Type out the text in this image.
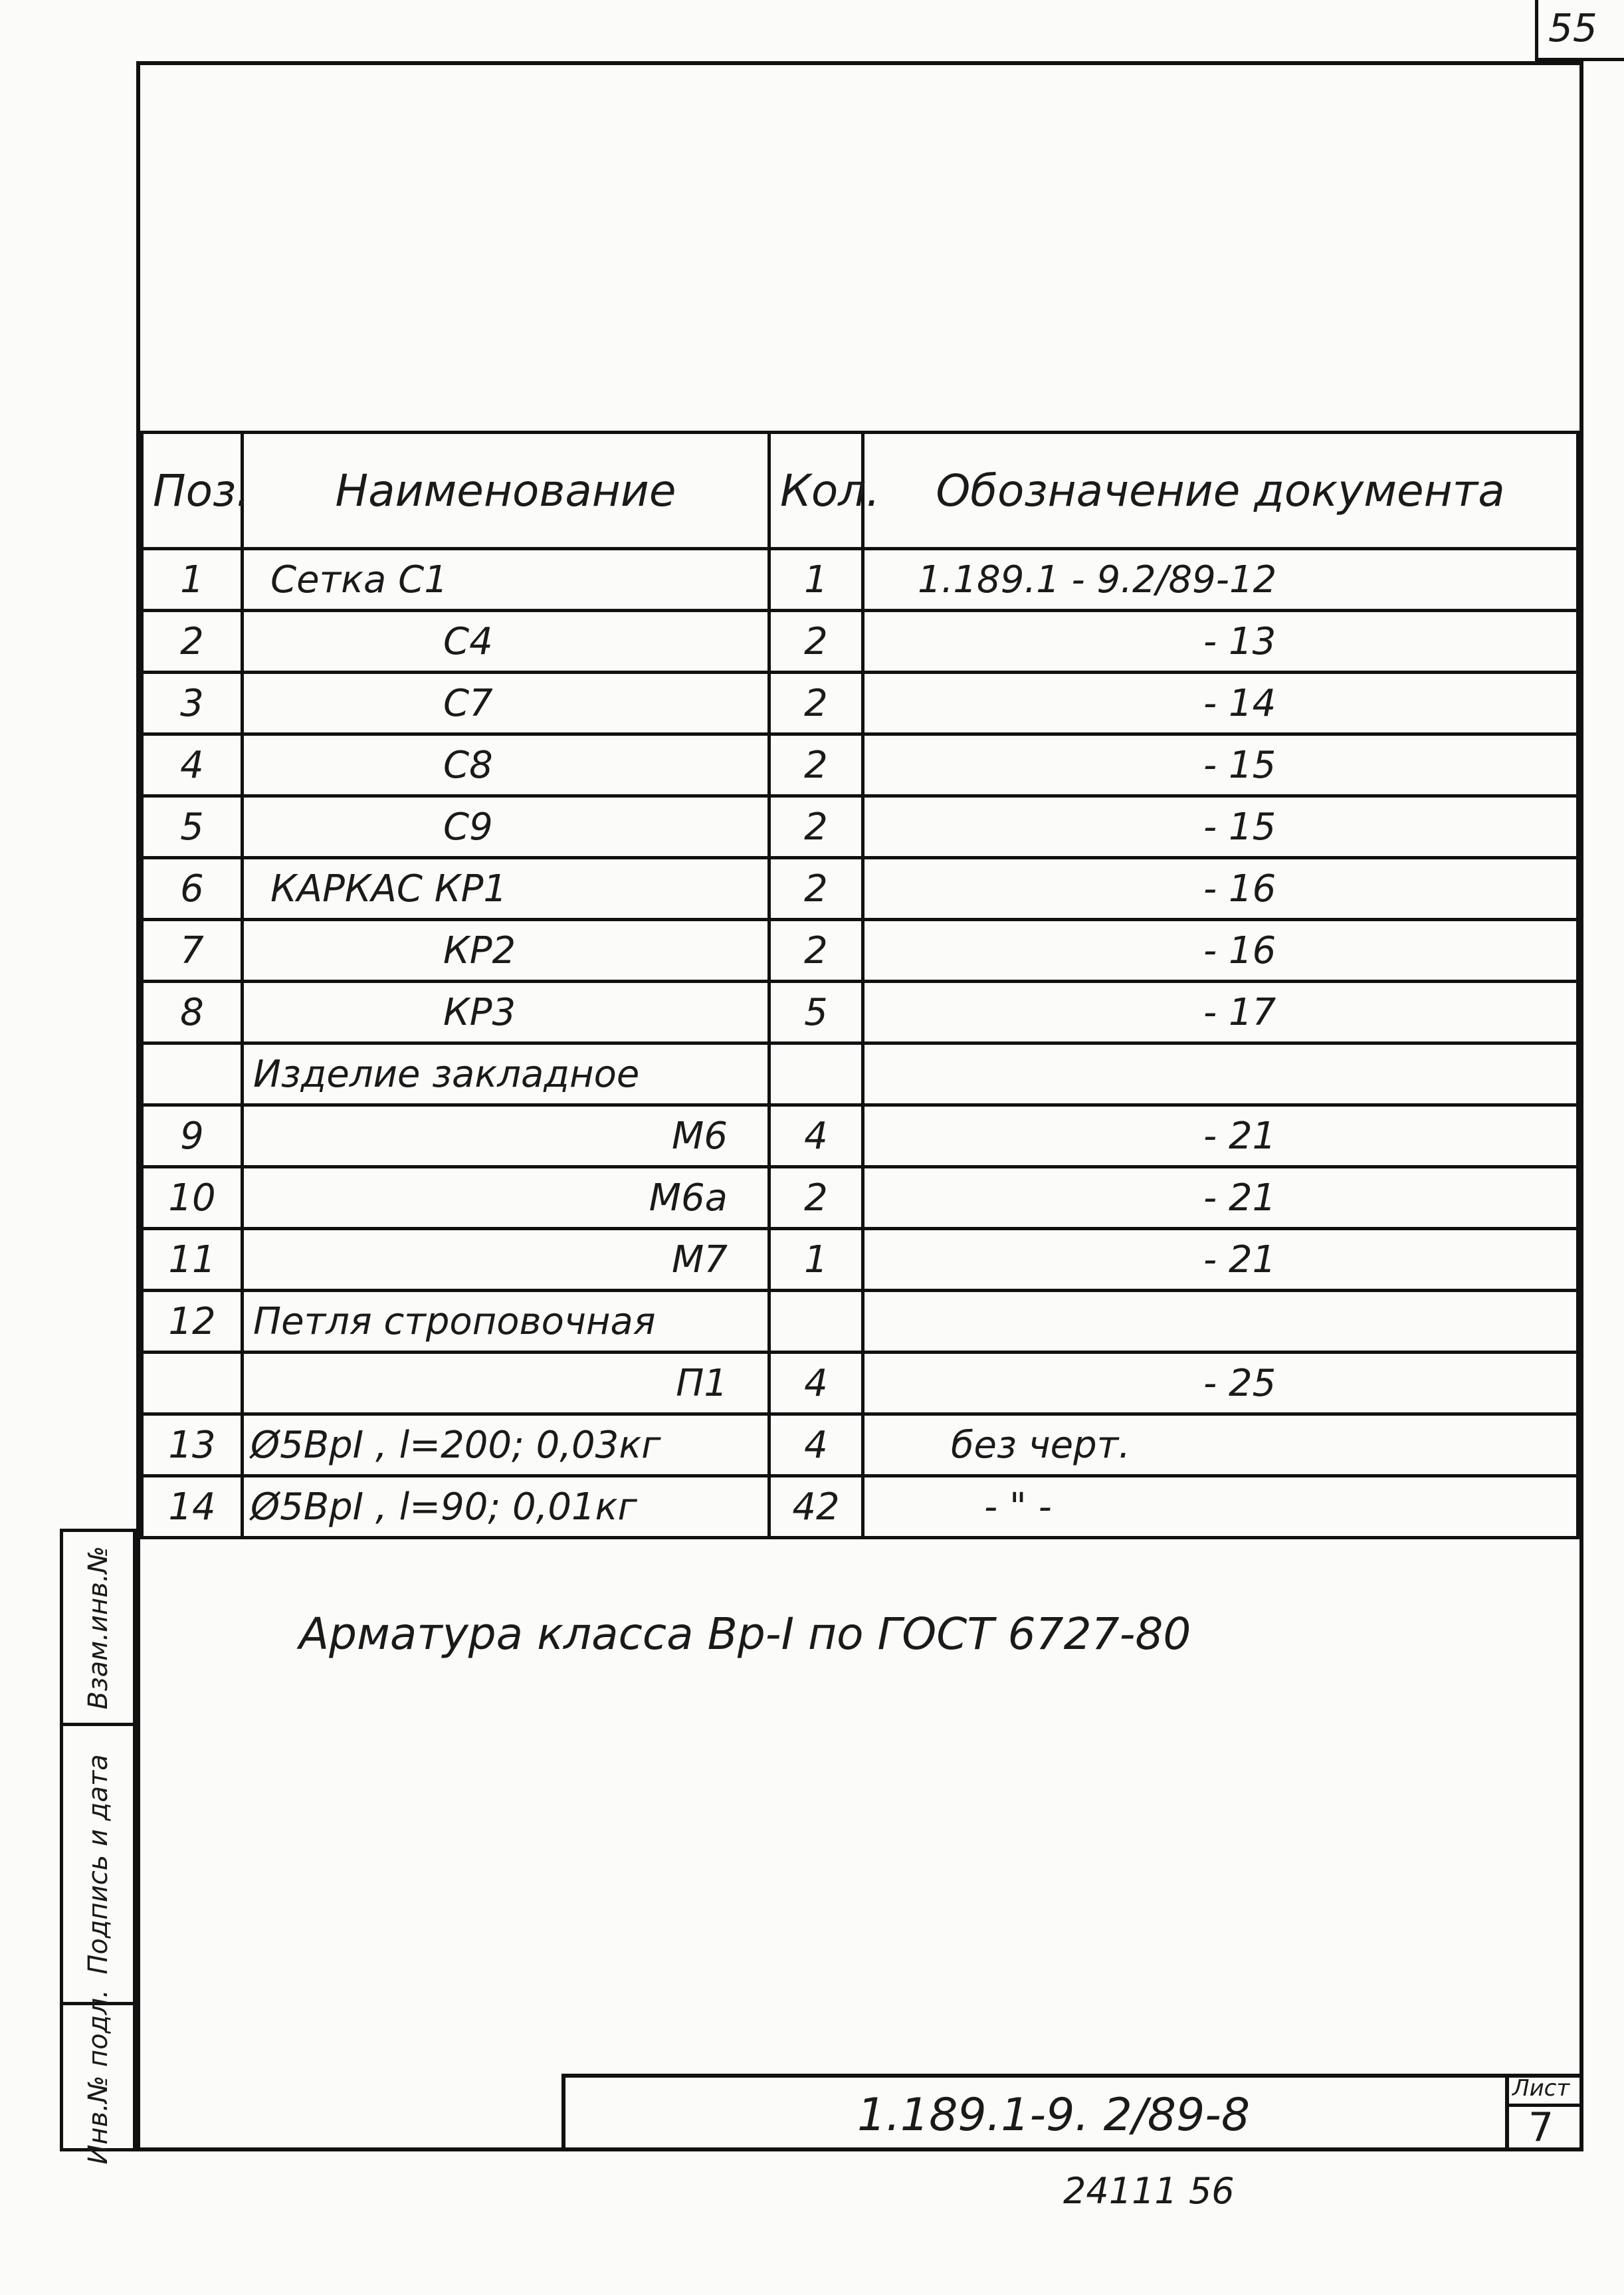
55
Поз.	Наименование	Кол.	Обозначение документа
1	Сетка С1	1	1.189.1 - 9.2/89-12
2	С4	2	- 13
3	С7	2	- 14
4	С8	2	- 15
5	С9	2	- 15
6	КАРКАС КР1	2	- 16
7	КР2	2	- 16
8	КР3	5	- 17
	Изделие закладное		
9	М6	4	- 21
10	М6а	2	- 21
11	М7	1	- 21
12	Петля строповочная		
	П1	4	- 25
13	Ø5ВрI , l=200; 0,03кг	4	без черт.
14	Ø5ВрI , l=90; 0,01кг	42	- " -
Арматура класса Вр-I по ГОСТ 6727-80
Взам.инв.№
Подпись и дата
Инв.№ подл.	1.189.1-9. 2/89-8
Лист
7
24111 56
